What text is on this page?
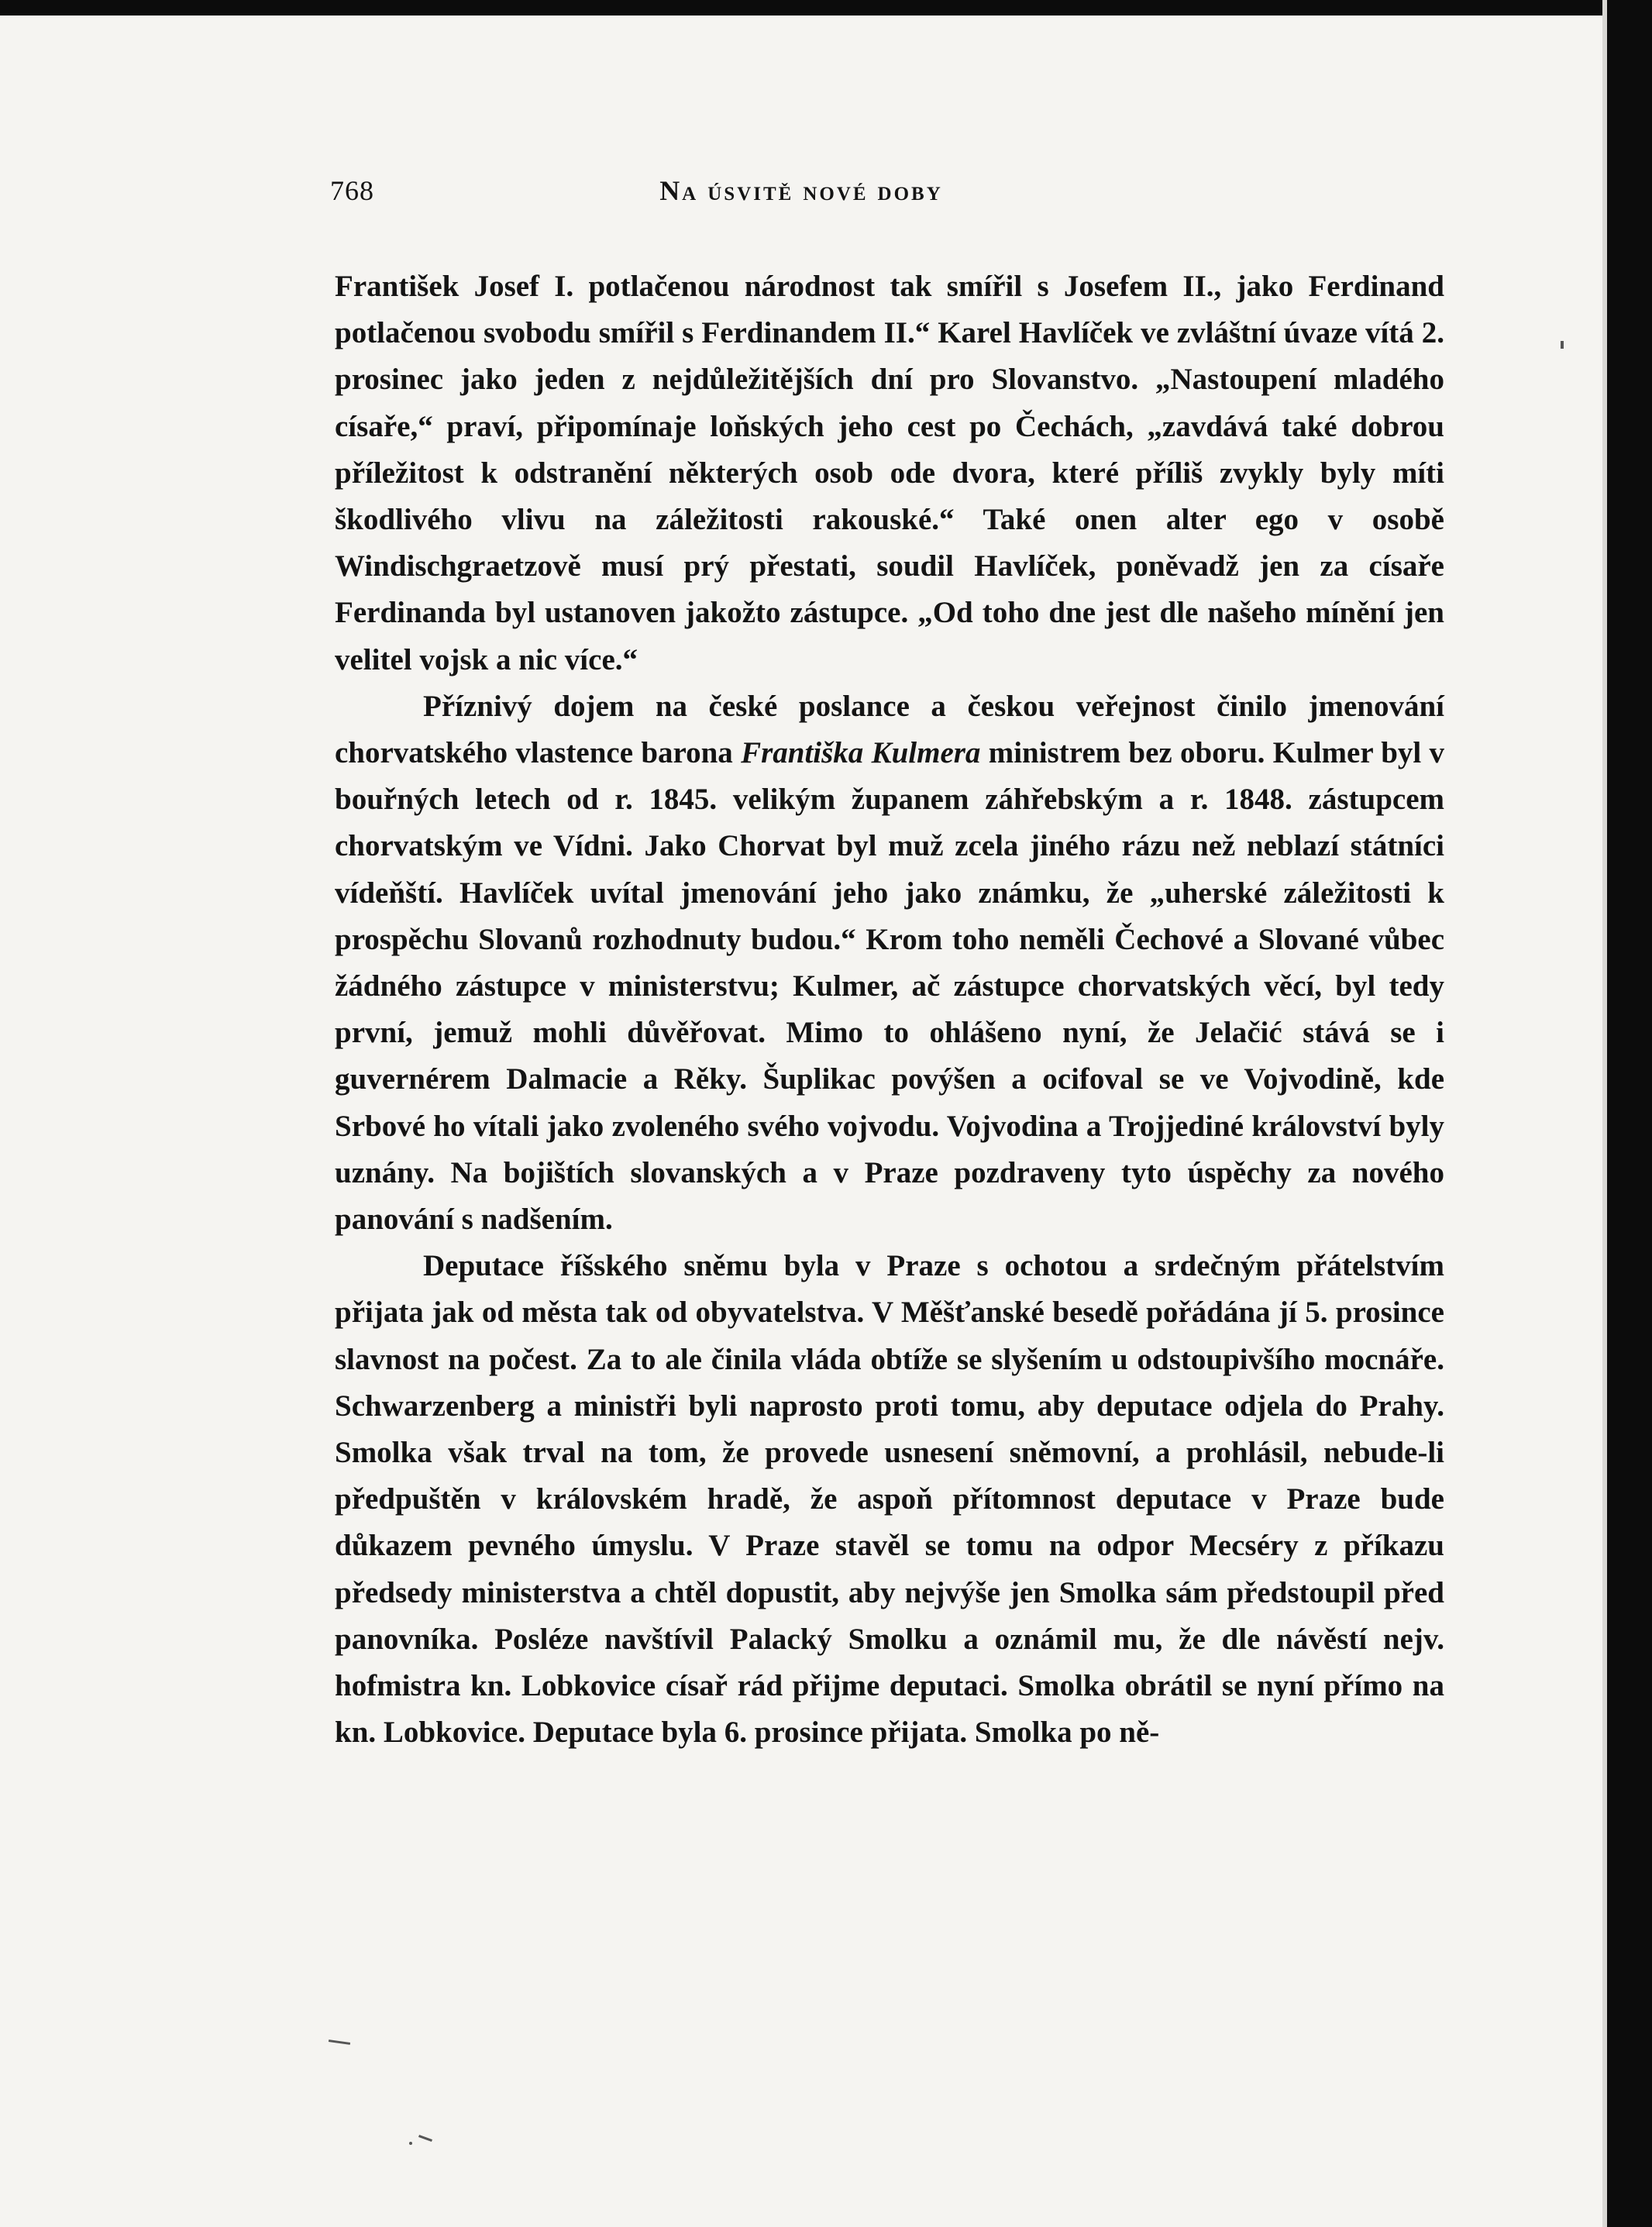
768	Na úsvitě nové doby

František Josef I. potlačenou národnost tak smířil s Josefem II., jako Ferdinand potlačenou svobodu smířil s Ferdinandem II.“ Karel Havlíček ve zvláštní úvaze vítá 2. prosinec jako jeden z nejdůležitějších dní pro Slovanstvo. „Nastoupení mladého císaře,“ praví, připomínaje loňských jeho cest po Čechách, „zavdává také dobrou příležitost k odstranění některých osob ode dvora, které příliš zvykly byly míti škodlivého vlivu na záležitosti rakouské.“ Také onen alter ego v osobě Windischgraetzově musí prý přestati, soudil Havlíček, poněvadž jen za císaře Ferdinanda byl ustanoven jakožto zástupce. „Od toho dne jest dle našeho mínění jen velitel vojsk a nic více.“

Příznivý dojem na české poslance a českou veřejnost činilo jmenování chorvatského vlastence barona Františka Kulmera ministrem bez oboru. Kulmer byl v bouřných letech od r. 1845. velikým županem záhřebským a r. 1848. zástupcem chorvatským ve Vídni. Jako Chorvat byl muž zcela jiného rázu než neblazí státníci vídeňští. Havlíček uvítal jmenování jeho jako známku, že „uherské záležitosti k prospěchu Slovanů rozhodnuty budou.“ Krom toho neměli Čechové a Slované vůbec žádného zástupce v ministerstvu; Kulmer, ač zástupce chorvatských věcí, byl tedy první, jemuž mohli důvěřovat. Mimo to ohlášeno nyní, že Jelačić stává se i guvernérem Dalmacie a Rěky. Šuplikac povýšen a ocifoval se ve Vojvodině, kde Srbové ho vítali jako zvoleného svého vojvodu. Vojvodina a Trojjediné království byly uznány. Na bojištích slovanských a v Praze pozdraveny tyto úspěchy za nového panování s nadšením.

Deputace říšského sněmu byla v Praze s ochotou a srdečným přátelstvím přijata jak od města tak od obyvatelstva. V Měšťanské besedě pořádána jí 5. prosince slavnost na počest. Za to ale činila vláda obtíže se slyšením u odstoupivšího mocnáře. Schwarzenberg a ministři byli naprosto proti tomu, aby deputace odjela do Prahy. Smolka však trval na tom, že provede usnesení sněmovní, a prohlásil, nebude-li předpuštěn v královském hradě, že aspoň přítomnost deputace v Praze bude důkazem pevného úmyslu. V Praze stavěl se tomu na odpor Mecséry z příkazu předsedy ministerstva a chtěl dopustit, aby nejvýše jen Smolka sám předstoupil před panovníka. Posléze navštívil Palacký Smolku a oznámil mu, že dle návěstí nejv. hofmistra kn. Lobkovice císař rád přijme deputaci. Smolka obrátil se nyní přímo na kn. Lobkovice. Deputace byla 6. prosince přijata. Smolka po ně-
